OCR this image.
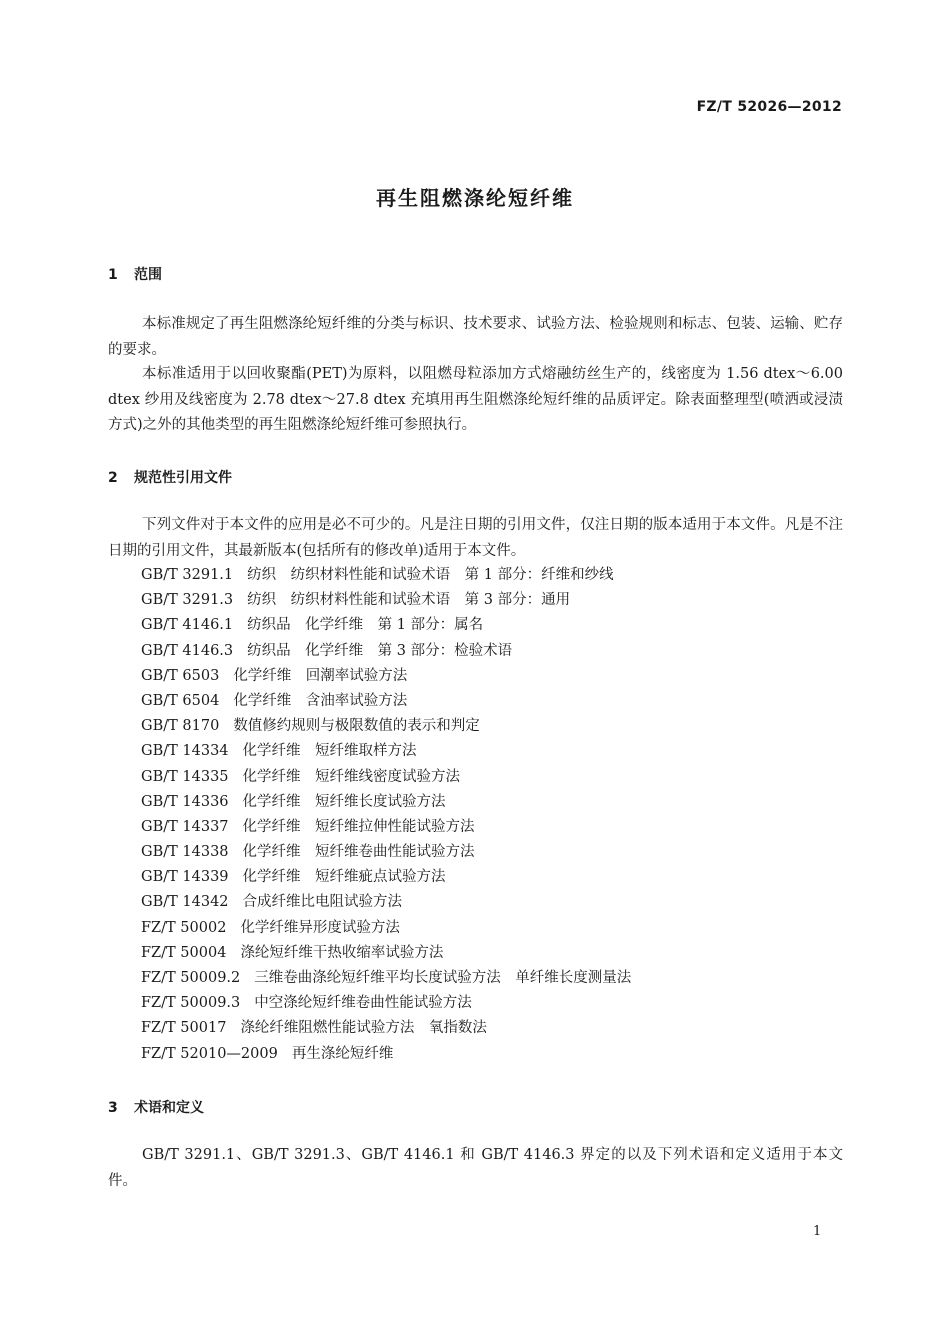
FZ/T 52026—2012
再生阻燃涤纶短纤维
1 范围

本标准规定了再生阻燃涤纶短纤维的分类与标识、技术要求、试验方法、检验规则和标志、包装、运输、贮存的要求。

本标准适用于以回收聚酯(PET)为原料，以阻燃母粒添加方式熔融纺丝生产的，线密度为 1.56 dtex～6.00 dtex 纱用及线密度为 2.78 dtex～27.8 dtex 充填用再生阻燃涤纶短纤维的品质评定。除表面整理型(喷洒或浸渍方式)之外的其他类型的再生阻燃涤纶短纤维可参照执行。

2 规范性引用文件

下列文件对于本文件的应用是必不可少的。凡是注日期的引用文件，仅注日期的版本适用于本文件。凡是不注日期的引用文件，其最新版本(包括所有的修改单)适用于本文件。

GB/T 3291.1 纺织　纺织材料性能和试验术语　第 1 部分：纤维和纱线
GB/T 3291.3 纺织　纺织材料性能和试验术语　第 3 部分：通用
GB/T 4146.1 纺织品　化学纤维　第 1 部分：属名
GB/T 4146.3 纺织品　化学纤维　第 3 部分：检验术语
GB/T 6503 化学纤维　回潮率试验方法
GB/T 6504 化学纤维　含油率试验方法
GB/T 8170 数值修约规则与极限数值的表示和判定
GB/T 14334 化学纤维　短纤维取样方法
GB/T 14335 化学纤维　短纤维线密度试验方法
GB/T 14336 化学纤维　短纤维长度试验方法
GB/T 14337 化学纤维　短纤维拉伸性能试验方法
GB/T 14338 化学纤维　短纤维卷曲性能试验方法
GB/T 14339 化学纤维　短纤维疵点试验方法
GB/T 14342 合成纤维比电阻试验方法
FZ/T 50002 化学纤维异形度试验方法
FZ/T 50004 涤纶短纤维干热收缩率试验方法
FZ/T 50009.2 三维卷曲涤纶短纤维平均长度试验方法　单纤维长度测量法
FZ/T 50009.3 中空涤纶短纤维卷曲性能试验方法
FZ/T 50017 涤纶纤维阻燃性能试验方法　氧指数法
FZ/T 52010—2009 再生涤纶短纤维
3 术语和定义

GB/T 3291.1、GB/T 3291.3、GB/T 4146.1 和 GB/T 4146.3 界定的以及下列术语和定义适用于本文件。

1
